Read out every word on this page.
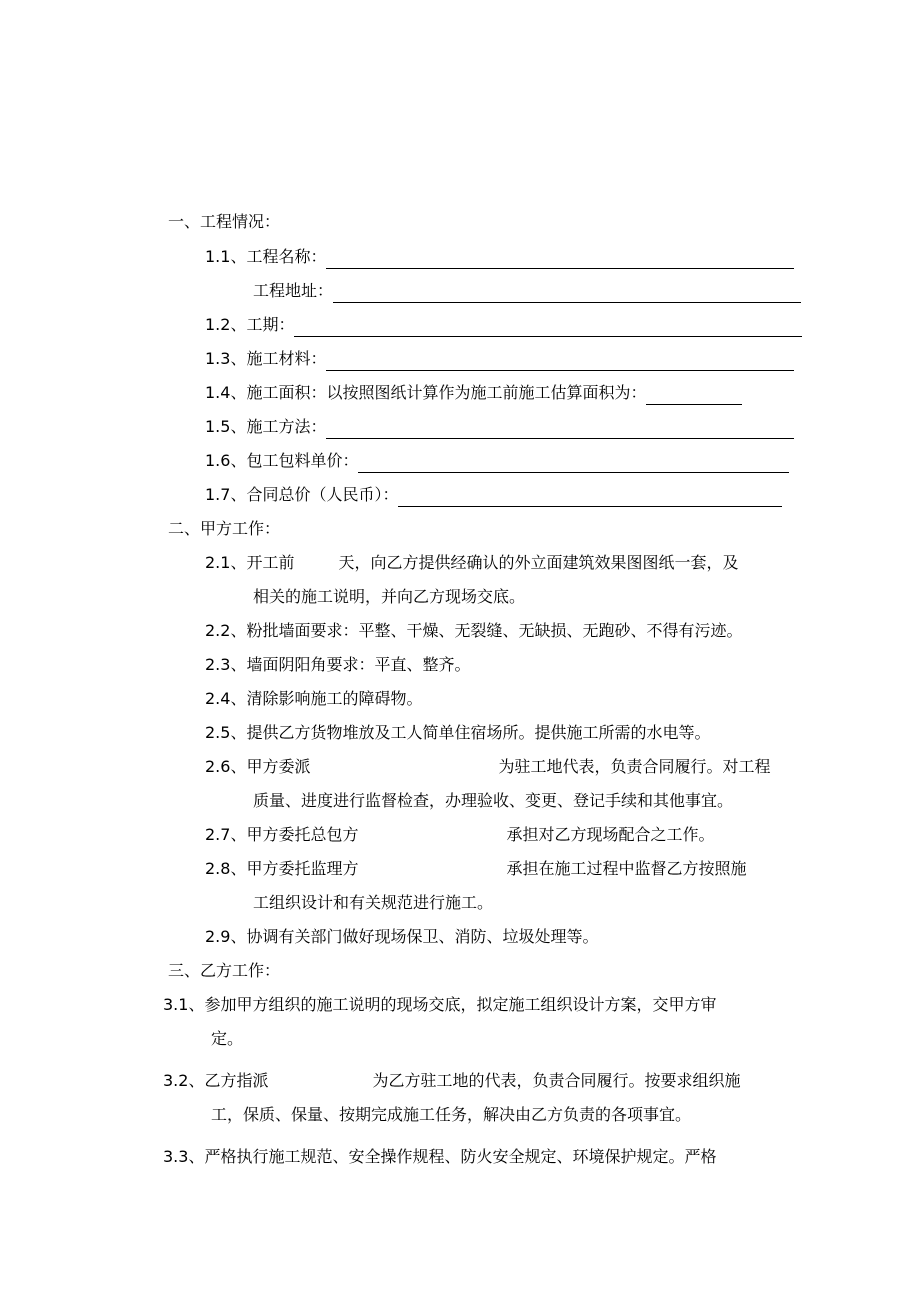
一、工程情况：
1.1、工程名称：
工程地址：
1.2、工期：
1.3、施工材料：
1.4、施工面积：以按照图纸计算作为施工前施工估算面积为：
1.5、施工方法：
1.6、包工包料单价：
1.7、合同总价（人民币）：
二、甲方工作：
2.1、开工前	天，向乙方提供经确认的外立面建筑效果图图纸一套，及
相关的施工说明，并向乙方现场交底。
2.2、粉批墙面要求：平整、干燥、无裂缝、无缺损、无跑砂、不得有污迹。
2.3、墙面阴阳角要求：平直、整齐。
2.4、清除影响施工的障碍物。
2.5、提供乙方货物堆放及工人简单住宿场所。提供施工所需的水电等。
2.6、甲方委派	为驻工地代表，负责合同履行。对工程
质量、进度进行监督检查，办理验收、变更、登记手续和其他事宜。
2.7、甲方委托总包方	承担对乙方现场配合之工作。
2.8、甲方委托监理方	承担在施工过程中监督乙方按照施
工组织设计和有关规范进行施工。
2.9、协调有关部门做好现场保卫、消防、垃圾处理等。
三、乙方工作：
3.1、参加甲方组织的施工说明的现场交底，拟定施工组织设计方案，交甲方审
定。
3.2、乙方指派	为乙方驻工地的代表，负责合同履行。按要求组织施
工，保质、保量、按期完成施工任务，解决由乙方负责的各项事宜。
3.3、严格执行施工规范、安全操作规程、防火安全规定、环境保护规定。严格
